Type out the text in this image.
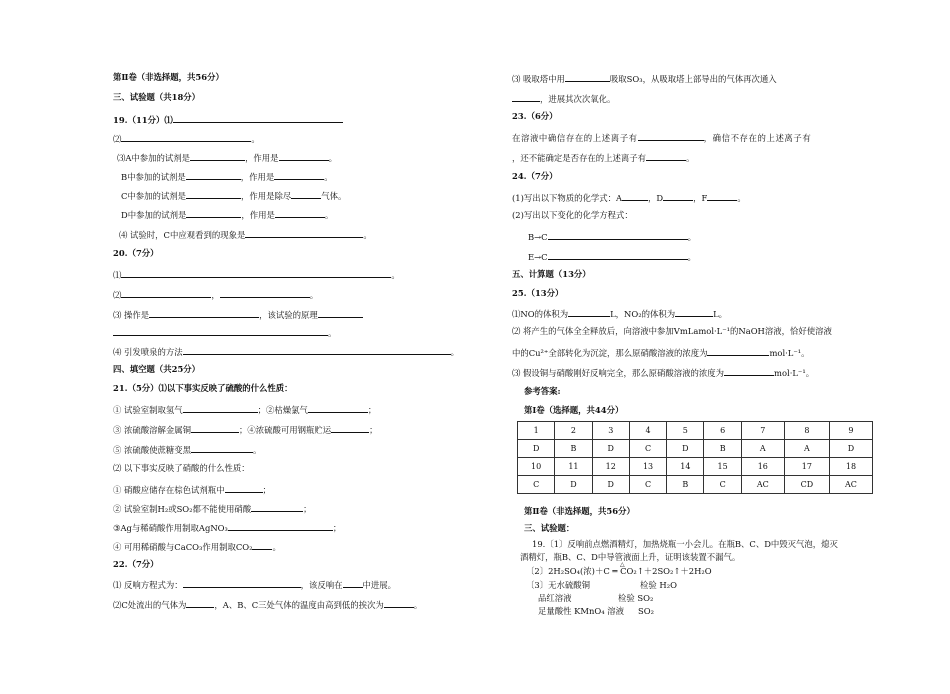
第Ⅱ卷（非选择题，共56分）
三、试验题（共18分）
19.（11分）⑴
⑵	。
⑶A中参加的试剂是	，作用是	。
B中参加的试剂是	，作用是	。
C中参加的试剂是	，作用是除尽	气体。
D中参加的试剂是	，作用是	。
⑷ 试验时，C中应观看到的现象是	。
20.（7分）
⑴	。
⑵	，	。
⑶ 操作是	，该试验的原理
。
⑷ 引发喷泉的方法	。
四、填空题（共25分）
21.（5分）⑴以下事实反映了硫酸的什么性质：
① 试验室制取氢气	；②枯燥氯气	；
③ 浓硫酸溶解金属铜	；④浓硫酸可用钢瓶贮运	；
⑤ 浓硫酸使蔗糖变黑	。
⑵ 以下事实反映了硝酸的什么性质：
① 硝酸应储存在棕色试剂瓶中	；
② 试验室制H₂或SO₂都不能使用硝酸	；
③Ag与稀硝酸作用制取AgNO₃	；
④ 可用稀硝酸与CaCO₃作用制取CO₂ 。
22.（7分）
⑴ 反响方程式为：	，该反响在 中进展。
⑵C处流出的气体为	，A、B、C三处气体的温度由高到低的挨次为	。
⑶ 吸取塔中用	吸取SO₃，从吸取塔上部导出的气体再次通入
，进展其次次氧化。
23.（6分）
在溶液中确信存在的上述离子有	，确信不存在的上述离子有
，还不能确定是否存在的上述离子有	。
24.（7分）
(1)写出以下物质的化学式：A	，D	，F	。
(2)写出以下变化的化学方程式：
B→C	。
E→C	。
五、计算题（13分）
25.（13分）
⑴NO的体积为	L，NO₂的体积为	L。
⑵ 将产生的气体全全释放后，向溶液中参加VmLamol·L⁻¹的NaOH溶液，恰好使溶液
中的Cu²⁺全部转化为沉淀，那么原硝酸溶液的浓度为	mol·L⁻¹。
⑶ 假设铜与硝酸刚好反响完全，那么原硝酸溶液的浓度为	mol·L⁻¹。
参考答案:
第Ⅰ卷（选择题，共44分）
1	2	3	4	5	6	7	8	9
D	B	D	C	D	B	A	A	D
10	11	12	13	14	15	16	17	18
C	D	D	C	B	C	AC	CD	AC
第Ⅱ卷（非选择题，共56分）
三、试验题：
19.〔1〕反响前点燃酒精灯，加热烧瓶一小会儿。在瓶B、C、D中毁灭气泡，熄灭
酒精灯，瓶B、C、D中导管液面上升，证明该装置不漏气。
〔2〕2H₂SO₄(浓)＋C ═ CO₂↑＋2SO₂↑＋2H₂O
△
〔3〕无水硫酸铜	检验 H₂O
品红溶液	检验 SO₂
足量酸性 KMnO₄ 溶液 SO₂
